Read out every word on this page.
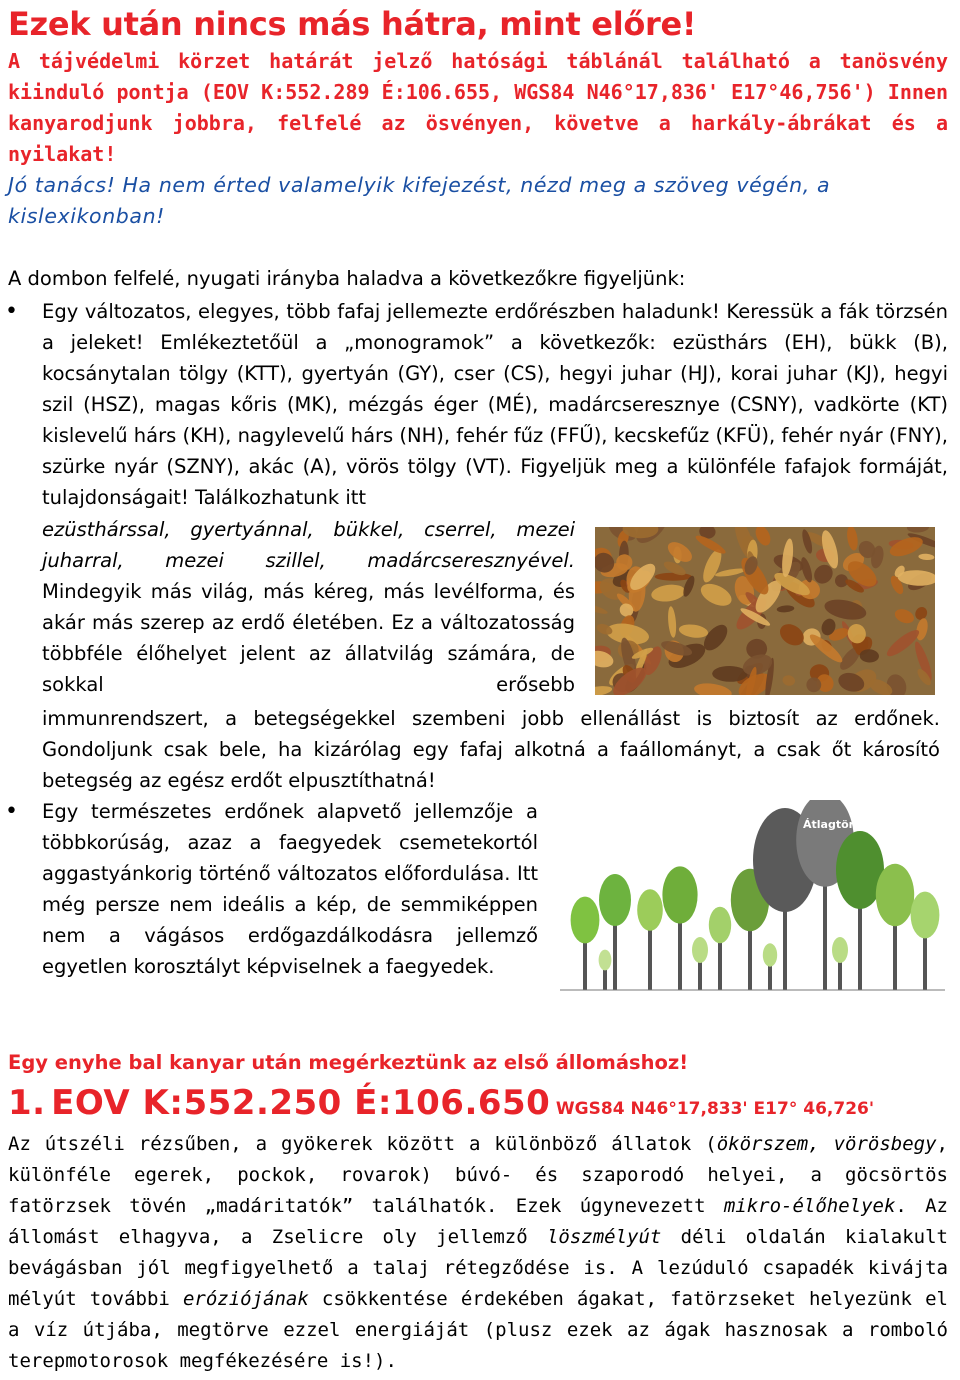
Ezek után nincs más hátra, mint előre!
A tájvédelmi körzet határát jelző hatósági táblánál található a tanösvény kiinduló pontja (EOV K:552.289 É:106.655, WGS84 N46°17,836' E17°46,756') Innen kanyarodjunk jobbra, felfelé az ösvényen, követve a harkály-ábrákat és a nyilakat!
Jó tanács! Ha nem érted valamelyik kifejezést, nézd meg a szöveg végén, a kislexikonban!
A dombon felfelé, nyugati irányba haladva a következőkre figyeljünk:
• Egy változatos, elegyes, több fafaj jellemezte erdőrészben haladunk! Keressük a fák törzsén a jeleket! Emlékeztetőül a „monogramok” a következők: ezüsthárs (EH), bükk (B), kocsánytalan tölgy (KTT), gyertyán (GY), cser (CS), hegyi juhar (HJ), korai juhar (KJ), hegyi szil (HSZ), magas kőris (MK), mézgás éger (MÉ), madárcseresznye (CSNY), vadkörte (KT) kislevelű hárs (KH), nagylevelű hárs (NH), fehér fűz (FFŰ), kecskefűz (KFÜ), fehér nyár (FNY), szürke nyár (SZNY), akác (A), vörös tölgy (VT). Figyeljük meg a különféle fafajok formáját, tulajdonságait! Találkozhatunk itt
ezüsthárssal, gyertyánnal, bükkel, cserrel, mezei juharral, mezei szillel, madárcseresznyével.
Mindegyik más világ, más kéreg, más levélforma, és akár más szerep az erdő életében. Ez a változatosság többféle élőhelyet jelent az állatvilág számára, de sokkal erősebb
immunrendszert, a betegségekkel szembeni jobb ellenállást is biztosít az erdőnek. Gondoljunk csak bele, ha kizárólag egy fafaj alkotná a faállományt, a csak őt károsító betegség az egész erdőt elpusztíthatná!
• Egy természetes erdőnek alapvető jellemzője a többkorúság, azaz a faegyedek csemetekortól aggastyánkorig történő változatos előfordulása. Itt még persze nem ideális a kép, de semmiképpen nem a vágásos erdőgazdálkodásra jellemző egyetlen korosztályt képviselnek a faegyedek.
Átlagtörzs
Egy enyhe bal kanyar után megérkeztünk az első állomáshoz!
1. EOV K:552.250 É:106.650 WGS84 N46°17,833' E17° 46,726'
Az útszéli rézsűben, a gyökerek között a különböző állatok (ökörszem, vörösbegy, különféle egerek, pockok, rovarok) búvó- és szaporodó helyei, a göcsörtös fatörzsek tövén „madáritatók” találhatók. Ezek úgynevezett mikro-élőhelyek. Az állomást elhagyva, a Zselicre oly jellemző löszmélyút déli oldalán kialakult bevágásban jól megfigyelhető a talaj rétegződése is. A lezúduló csapadék kivájta mélyút további eróziójának csökkentése érdekében ágakat, fatörzseket helyezünk el a víz útjába, megtörve ezzel energiáját (plusz ezek az ágak hasznosak a romboló terepmotorosok megfékezésére is!).
